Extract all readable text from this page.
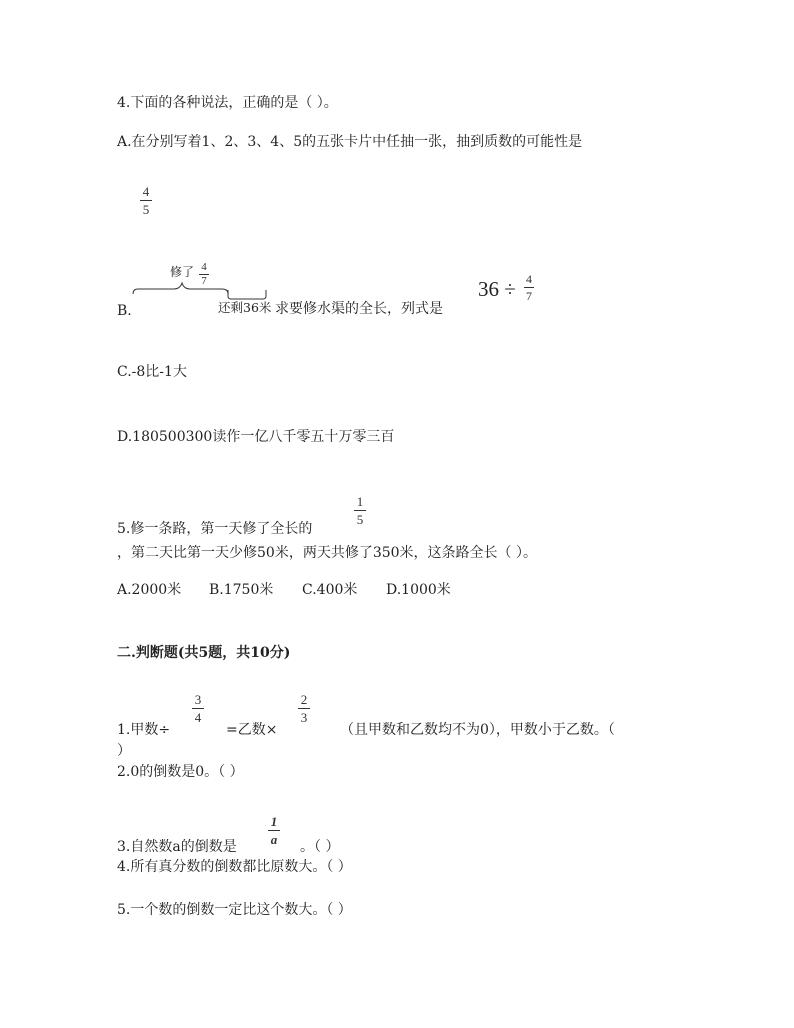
4.下面的各种说法，正确的是（ ）。
A.在分别写着1、2、3、4、5的五张卡片中任抽一张，抽到质数的可能性是
4
5
B.
修了 4
7
还剩36米 求要修水渠的全长，列式是
36 ÷ 4
7
C.-8比-1大
D.180500300读作一亿八千零五十万零三百
5.修一条路，第一天修了全长的
1
5
，第二天比第一天少修50米，两天共修了350米，这条路全长（ ）。
A.2000米 B.1750米 C.400米 D.1000米
二.判断题(共5题，共10分)
1.甲数÷
3
4
=乙数×
2
3
（且甲数和乙数均不为0），甲数小于乙数。（
）
2.0的倒数是0。（ ）
3.自然数a的倒数是
1
a 。（ ）
4.所有真分数的倒数都比原数大。（ ）
5.一个数的倒数一定比这个数大。（ ）
